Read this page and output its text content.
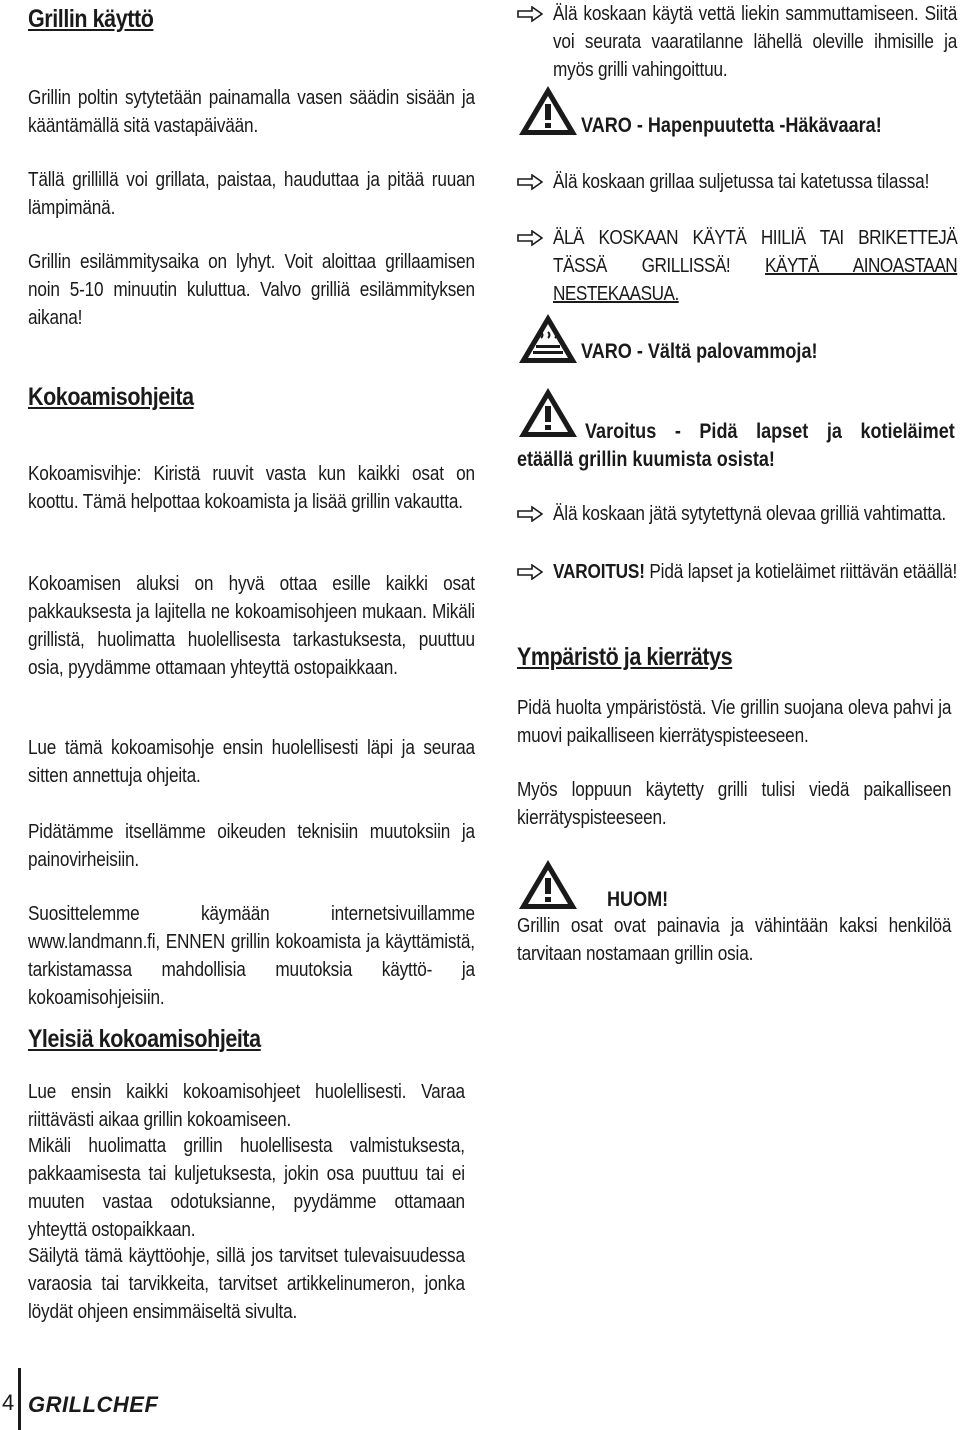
Grillin käyttö

Grillin poltin sytytetään painamalla vasen säädin sisään ja kääntämällä sitä vastapäivään.

Tällä grillillä voi grillata, paistaa, hauduttaa ja pitää ruuan lämpimänä.

Grillin esilämmitysaika on lyhyt. Voit aloittaa grillaamisen noin 5-10 minuutin kuluttua. Valvo grilliä esilämmityksen aikana!

Kokoamisohjeita

Kokoamisvihje: Kiristä ruuvit vasta kun kaikki osat on koottu. Tämä helpottaa kokoamista ja lisää grillin vakautta.

Kokoamisen aluksi on hyvä ottaa esille kaikki osat pakkauksesta ja lajitella ne kokoamisohjeen mukaan. Mikäli grillistä, huolimatta huolellisesta tarkastuksesta, puuttuu osia, pyydämme ottamaan yhteyttä ostopaikkaan.

Lue tämä kokoamisohje ensin huolellisesti läpi ja seuraa sitten annettuja ohjeita.

Pidätämme itsellämme oikeuden teknisiin muutoksiin ja painovirheisiin.

Suosittelemme käymään internetsivuillamme www.landmann.fi, ENNEN grillin kokoamista ja käyttämistä, tarkistamassa mahdollisia muutoksia käyttö- ja kokoamisohjeisiin.

Yleisiä kokoamisohjeita

Lue ensin kaikki kokoamisohjeet huolellisesti. Varaa riittävästi aikaa grillin kokoamiseen.

Mikäli huolimatta grillin huolellisesta valmistuksesta, pakkaamisesta tai kuljetuksesta, jokin osa puuttuu tai ei muuten vastaa odotuksianne, pyydämme ottamaan yhteyttä ostopaikkaan.

Säilytä tämä käyttöohje, sillä jos tarvitset tulevaisuudessa varaosia tai tarvikkeita, tarvitset artikkelinumeron, jonka löydät ohjeen ensimmäiseltä sivulta.

Älä koskaan käytä vettä liekin sammuttamiseen. Siitä voi seurata vaaratilanne lähellä oleville ihmisille ja myös grilli vahingoittuu.

VARO - Hapenpuutetta -Häkävaara!

Älä koskaan grillaa suljetussa tai katetussa tilassa!

ÄLÄ KOSKAAN KÄYTÄ HIILIÄ TAI BRIKETTEJÄ TÄSSÄ GRILLISSÄ! KÄYTÄ AINOASTAAN NESTEKAASUA.

VARO - Vältä palovammoja!
Varoitus - Pidä lapset ja kotieläimet
etäällä grillin kuumista osista!

Älä koskaan jätä sytytettynä olevaa grilliä vahtimatta.

VAROITUS! Pidä lapset ja kotieläimet riittävän etäällä!

Ympäristö ja kierrätys

Pidä huolta ympäristöstä. Vie grillin suojana oleva pahvi ja muovi paikalliseen kierrätyspisteeseen.

Myös loppuun käytetty grilli tulisi viedä paikalliseen kierrätyspisteeseen.

HUOM!

Grillin osat ovat painavia ja vähintään kaksi henkilöä tarvitaan nostamaan grillin osia.

4 GRILLCHEF
